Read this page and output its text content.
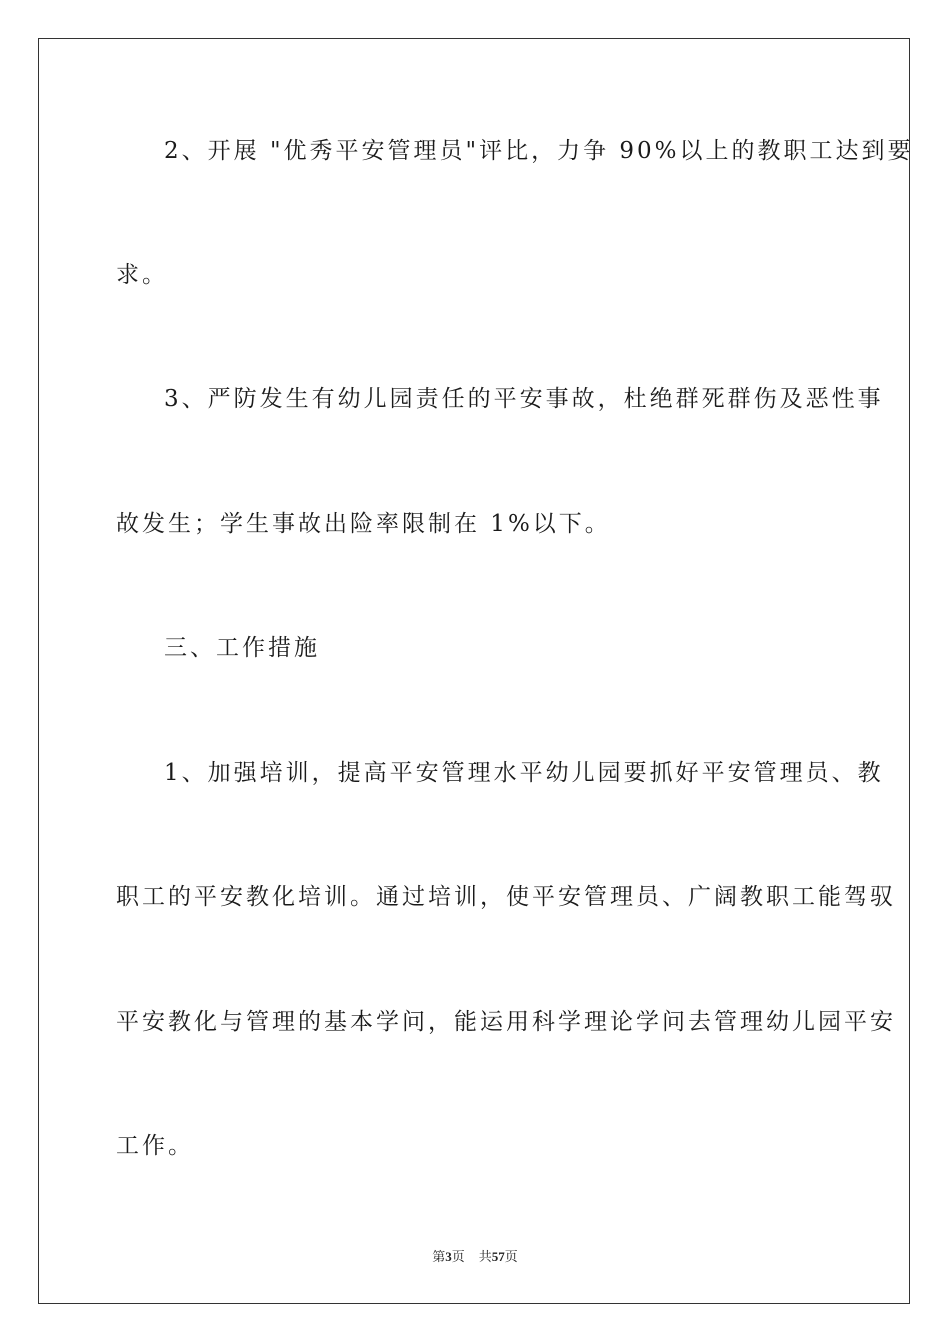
2、开展 "优秀平安管理员"评比，力争 90%以上的教职工达到要

求。

3、严防发生有幼儿园责任的平安事故，杜绝群死群伤及恶性事

故发生；学生事故出险率限制在 1%以下。

三、工作措施

1、加强培训，提高平安管理水平幼儿园要抓好平安管理员、教

职工的平安教化培训。通过培训，使平安管理员、广阔教职工能驾驭

平安教化与管理的基本学问，能运用科学理论学问去管理幼儿园平安

工作。

第3页 共57页
